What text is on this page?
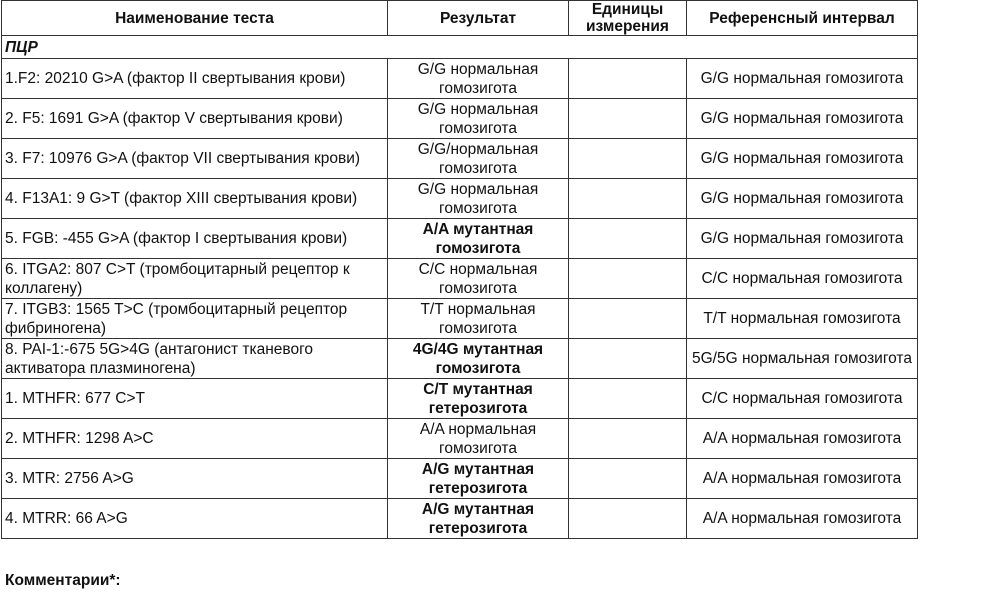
Наименование теста	Результат	Единицы измерения	Референсный интервал
ПЦР			
1.F2: 20210 G>A (фактор II свертывания крови)	G/G нормальная гомозигота		G/G нормальная гомозигота
2. F5: 1691 G>A (фактор V свертывания крови)	G/G нормальная гомозигота		G/G нормальная гомозигота
3. F7: 10976 G>A (фактор VII свертывания крови)	G/G/нормальная гомозигота		G/G нормальная гомозигота
4. F13A1: 9 G>T (фактор XIII свертывания крови)	G/G нормальная гомозигота		G/G нормальная гомозигота
5. FGB: -455 G>A (фактор I свертывания крови)	A/A мутантная гомозигота		G/G нормальная гомозигота
6. ITGA2: 807 C>T (тромбоцитарный рецептор к коллагену)	C/C нормальная гомозигота		C/C нормальная гомозигота
7. ITGB3: 1565 T>C (тромбоцитарный рецептор фибриногена)	T/T нормальная гомозигота		T/T нормальная гомозигота
8. PAI-1:-675 5G>4G (антагонист тканевого активатора плазминогена)	4G/4G мутантная гомозигота		5G/5G нормальная гомозигота
1. MTHFR: 677 C>T	C/T мутантная гетерозигота		C/C нормальная гомозигота
2. MTHFR: 1298 A>C	A/A нормальная гомозигота		A/A нормальная гомозигота
3. MTR: 2756 A>G	A/G мутантная гетерозигота		A/A нормальная гомозигота
4. MTRR: 66 A>G	A/G мутантная гетерозигота		A/A нормальная гомозигота
Комментарии*:
